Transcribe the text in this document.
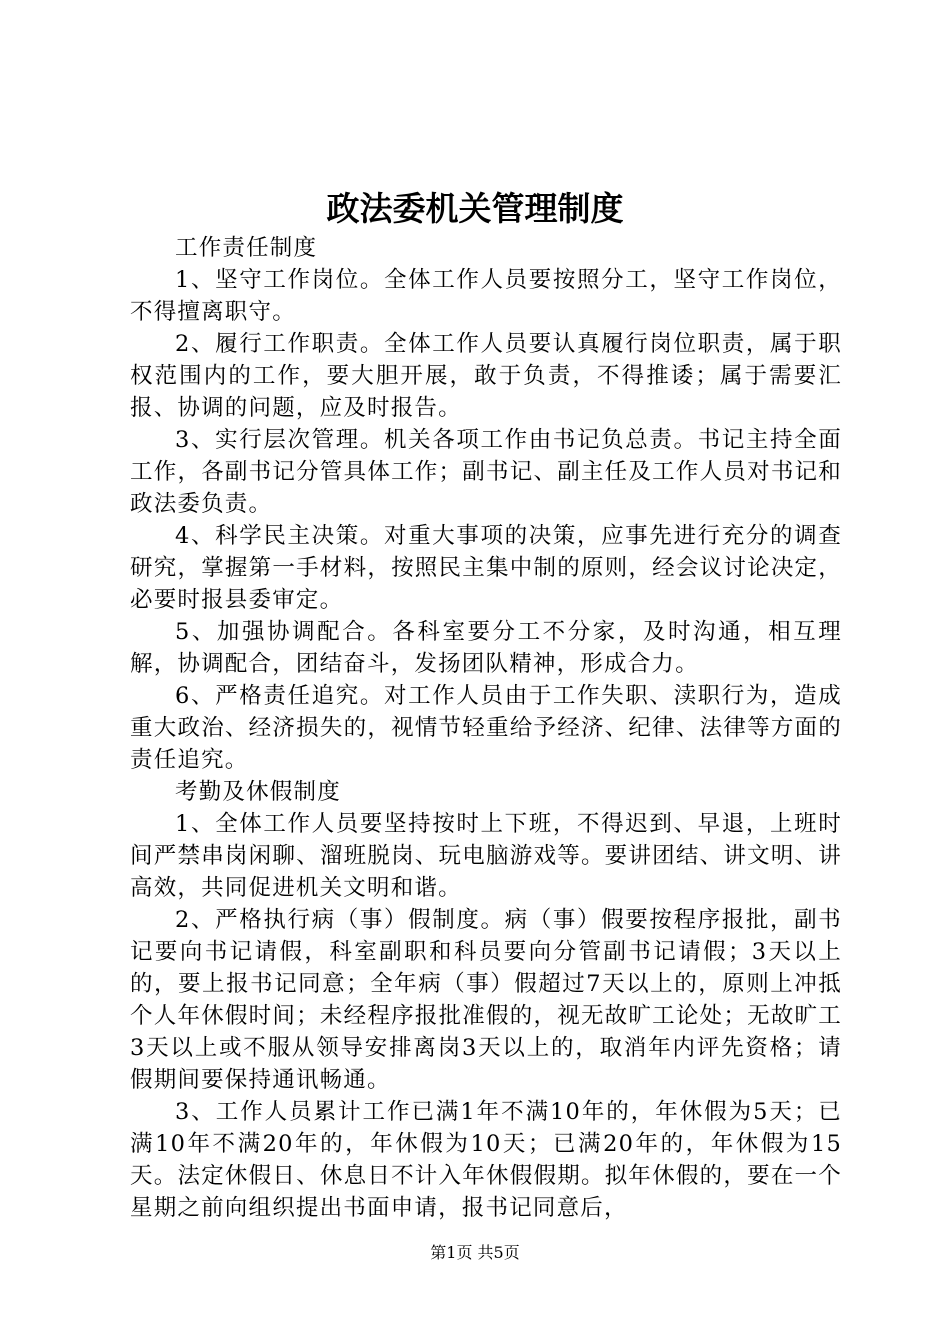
政法委机关管理制度

工作责任制度

1、坚守工作岗位。全体工作人员要按照分工，坚守工作岗位，不得擅离职守。

2、履行工作职责。全体工作人员要认真履行岗位职责，属于职权范围内的工作，要大胆开展，敢于负责，不得推诿；属于需要汇报、协调的问题，应及时报告。

3、实行层次管理。机关各项工作由书记负总责。书记主持全面工作，各副书记分管具体工作；副书记、副主任及工作人员对书记和政法委负责。

4、科学民主决策。对重大事项的决策，应事先进行充分的调查研究，掌握第一手材料，按照民主集中制的原则，经会议讨论决定，必要时报县委审定。

5、加强协调配合。各科室要分工不分家，及时沟通，相互理解，协调配合，团结奋斗，发扬团队精神，形成合力。

6、严格责任追究。对工作人员由于工作失职、渎职行为，造成重大政治、经济损失的，视情节轻重给予经济、纪律、法律等方面的责任追究。

考勤及休假制度

1、全体工作人员要坚持按时上下班，不得迟到、早退，上班时间严禁串岗闲聊、溜班脱岗、玩电脑游戏等。要讲团结、讲文明、讲高效，共同促进机关文明和谐。

2、严格执行病（事）假制度。病（事）假要按程序报批，副书记要向书记请假，科室副职和科员要向分管副书记请假；3天以上的，要上报书记同意；全年病（事）假超过7天以上的，原则上冲抵个人年休假时间；未经程序报批准假的，视无故旷工论处；无故旷工3天以上或不服从领导安排离岗3天以上的，取消年内评先资格；请假期间要保持通讯畅通。

3、工作人员累计工作已满1年不满10年的，年休假为5天；已满10年不满20年的，年休假为10天；已满20年的，年休假为15天。法定休假日、休息日不计入年休假假期。拟年休假的，要在一个星期之前向组织提出书面申请，报书记同意后，

第1页 共5页
